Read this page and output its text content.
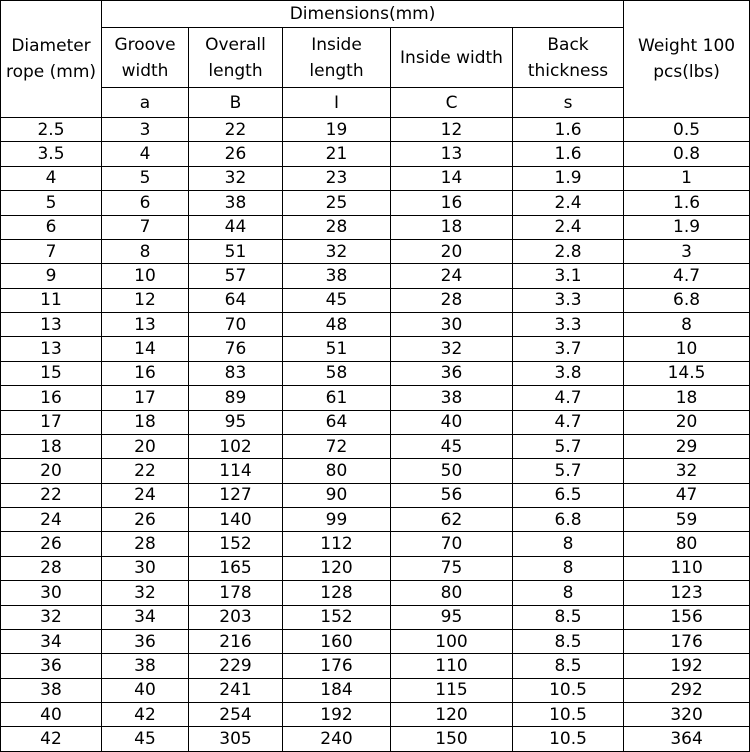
Diameter rope (mm)	Dimensions(mm)					Weight 100 pcs(lbs)
	Groove width	Overall length	Inside length	Inside width	Back thickness	
	a	B	I	C	s	
2.5	3	22	19	12	1.6	0.5
3.5	4	26	21	13	1.6	0.8
4	5	32	23	14	1.9	1
5	6	38	25	16	2.4	1.6
6	7	44	28	18	2.4	1.9
7	8	51	32	20	2.8	3
9	10	57	38	24	3.1	4.7
11	12	64	45	28	3.3	6.8
13	13	70	48	30	3.3	8
13	14	76	51	32	3.7	10
15	16	83	58	36	3.8	14.5
16	17	89	61	38	4.7	18
17	18	95	64	40	4.7	20
18	20	102	72	45	5.7	29
20	22	114	80	50	5.7	32
22	24	127	90	56	6.5	47
24	26	140	99	62	6.8	59
26	28	152	112	70	8	80
28	30	165	120	75	8	110
30	32	178	128	80	8	123
32	34	203	152	95	8.5	156
34	36	216	160	100	8.5	176
36	38	229	176	110	8.5	192
38	40	241	184	115	10.5	292
40	42	254	192	120	10.5	320
42	45	305	240	150	10.5	364
